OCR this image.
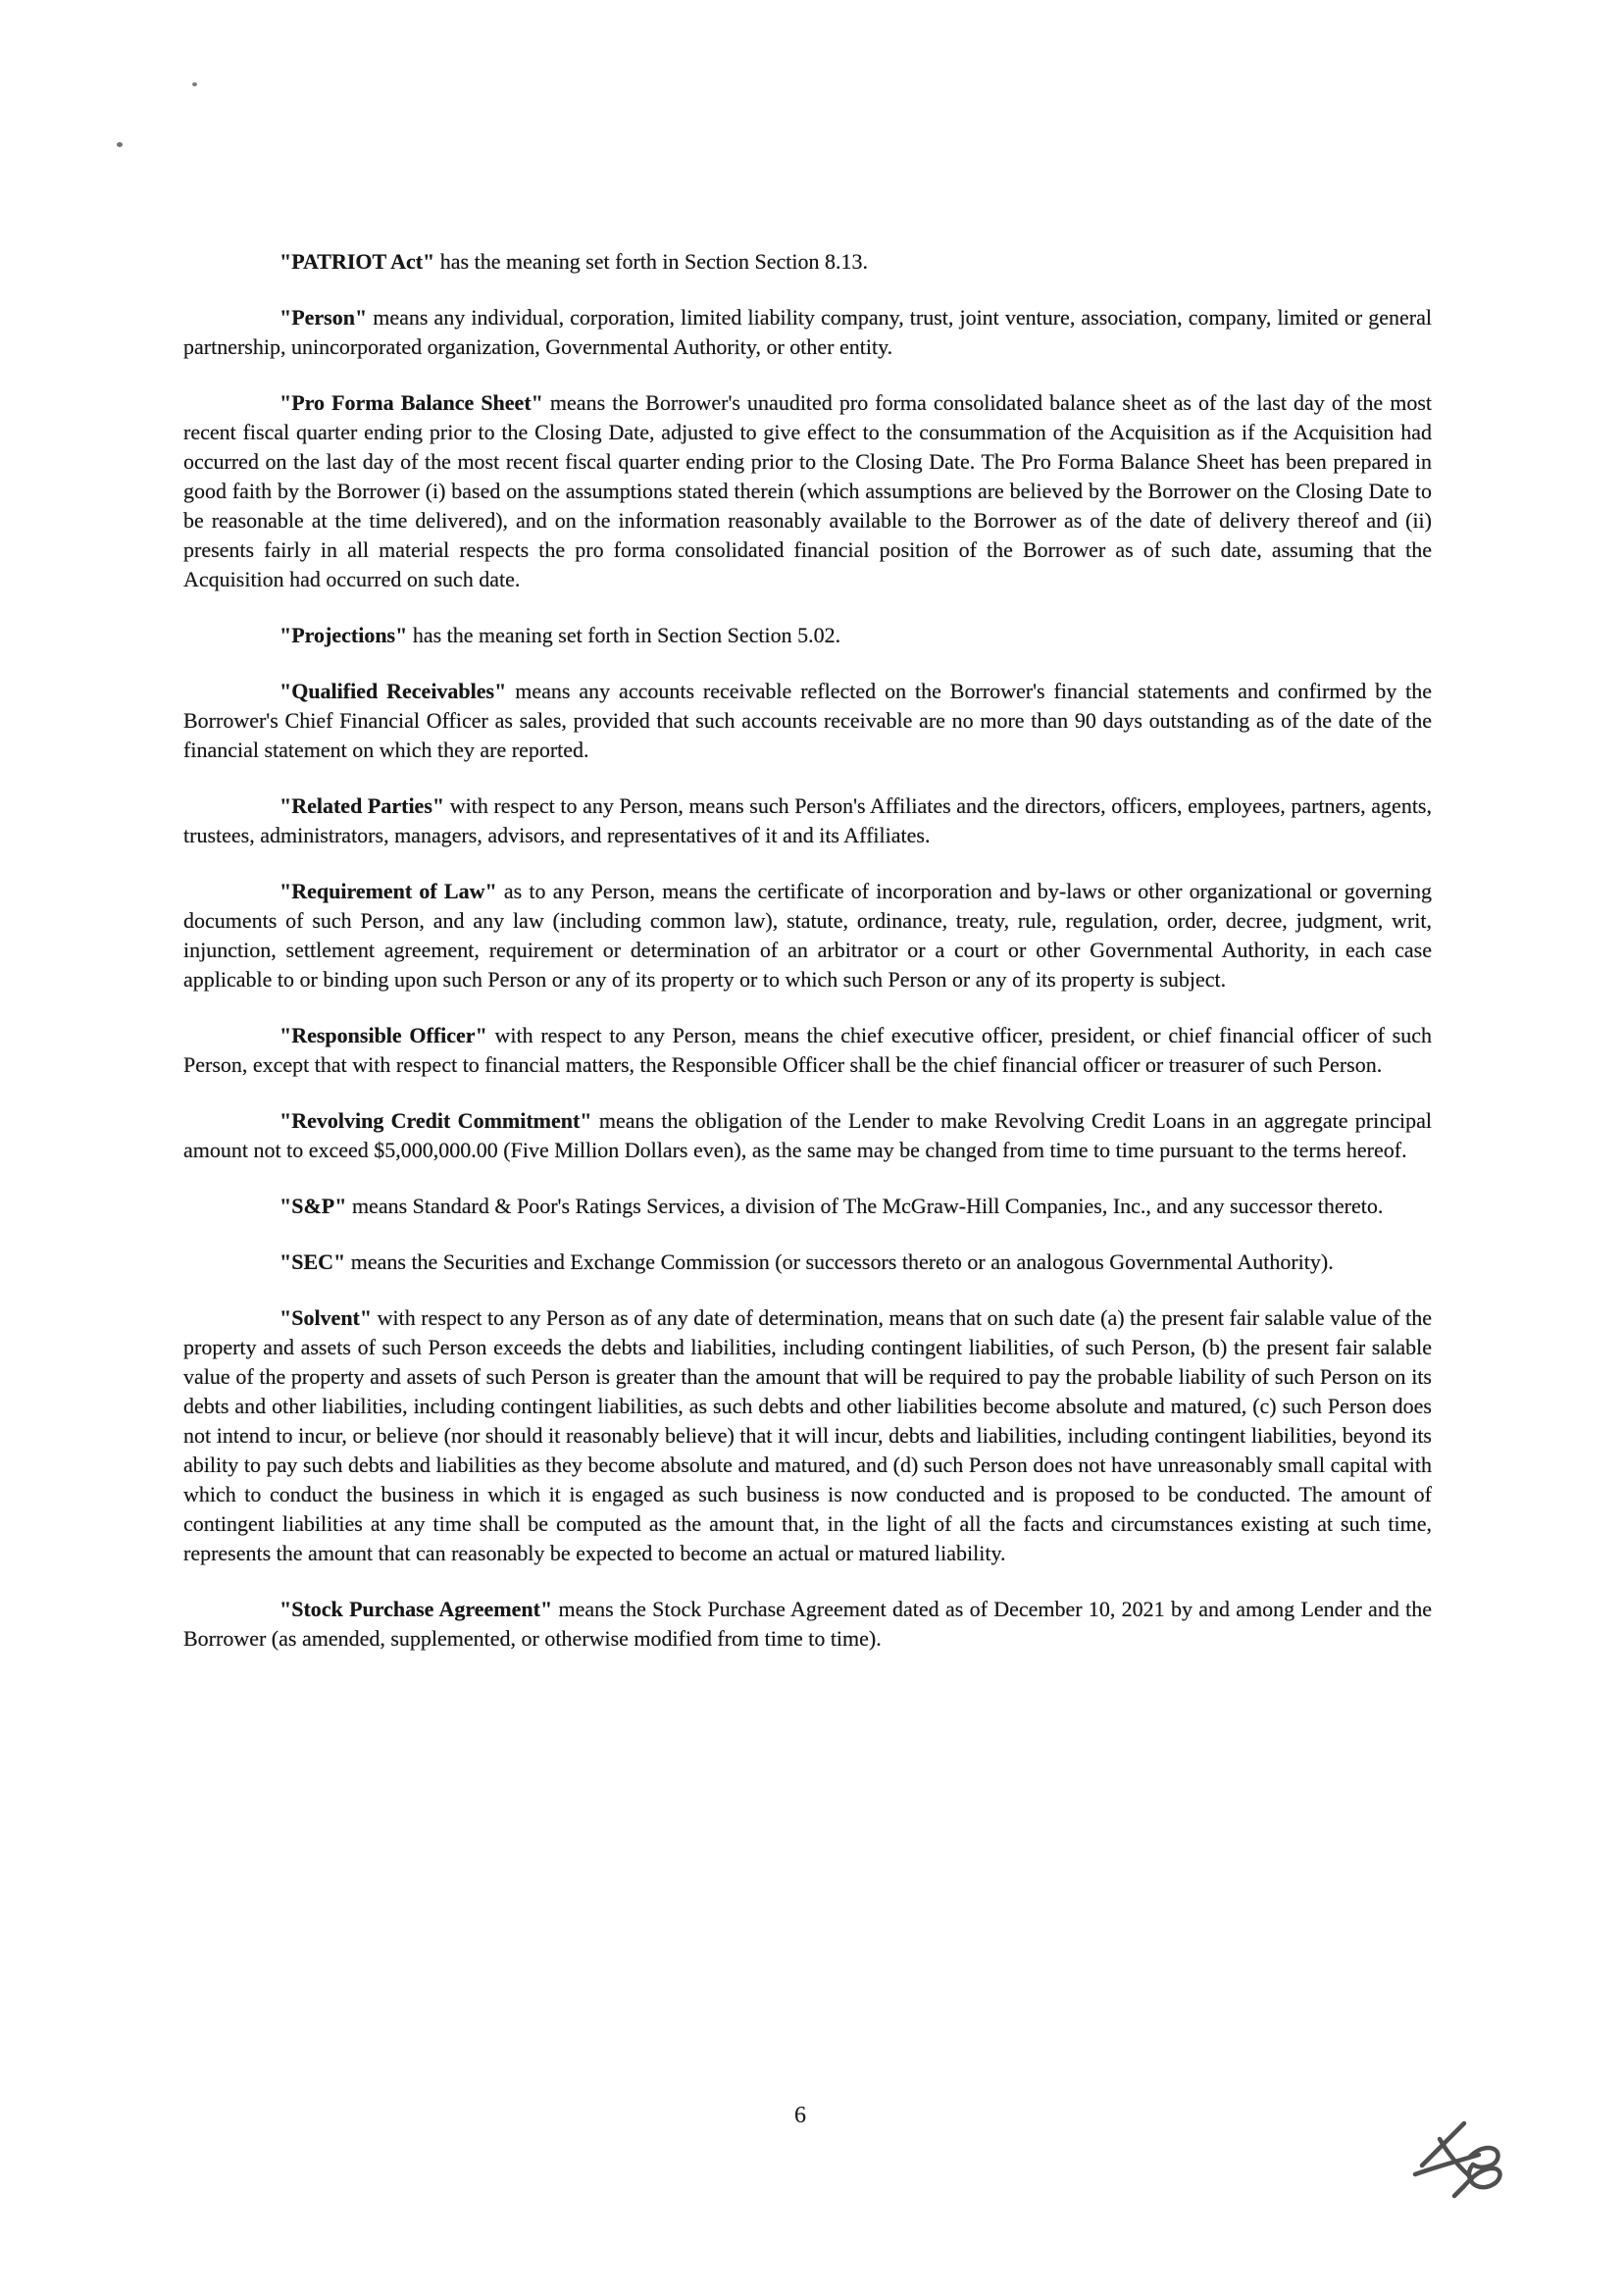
"PATRIOT Act" has the meaning set forth in Section Section 8.13.

"Person" means any individual, corporation, limited liability company, trust, joint venture, association, company, limited or general partnership, unincorporated organization, Governmental Authority, or other entity.

"Pro Forma Balance Sheet" means the Borrower's unaudited pro forma consolidated balance sheet as of the last day of the most recent fiscal quarter ending prior to the Closing Date, adjusted to give effect to the consummation of the Acquisition as if the Acquisition had occurred on the last day of the most recent fiscal quarter ending prior to the Closing Date. The Pro Forma Balance Sheet has been prepared in good faith by the Borrower (i) based on the assumptions stated therein (which assumptions are believed by the Borrower on the Closing Date to be reasonable at the time delivered), and on the information reasonably available to the Borrower as of the date of delivery thereof and (ii) presents fairly in all material respects the pro forma consolidated financial position of the Borrower as of such date, assuming that the Acquisition had occurred on such date.

"Projections" has the meaning set forth in Section Section 5.02.

"Qualified Receivables" means any accounts receivable reflected on the Borrower's financial statements and confirmed by the Borrower's Chief Financial Officer as sales, provided that such accounts receivable are no more than 90 days outstanding as of the date of the financial statement on which they are reported.

"Related Parties" with respect to any Person, means such Person's Affiliates and the directors, officers, employees, partners, agents, trustees, administrators, managers, advisors, and representatives of it and its Affiliates.

"Requirement of Law" as to any Person, means the certificate of incorporation and by-laws or other organizational or governing documents of such Person, and any law (including common law), statute, ordinance, treaty, rule, regulation, order, decree, judgment, writ, injunction, settlement agreement, requirement or determination of an arbitrator or a court or other Governmental Authority, in each case applicable to or binding upon such Person or any of its property or to which such Person or any of its property is subject.

"Responsible Officer" with respect to any Person, means the chief executive officer, president, or chief financial officer of such Person, except that with respect to financial matters, the Responsible Officer shall be the chief financial officer or treasurer of such Person.

"Revolving Credit Commitment" means the obligation of the Lender to make Revolving Credit Loans in an aggregate principal amount not to exceed $5,000,000.00 (Five Million Dollars even), as the same may be changed from time to time pursuant to the terms hereof.

"S&P" means Standard & Poor's Ratings Services, a division of The McGraw-Hill Companies, Inc., and any successor thereto.

"SEC" means the Securities and Exchange Commission (or successors thereto or an analogous Governmental Authority).

"Solvent" with respect to any Person as of any date of determination, means that on such date (a) the present fair salable value of the property and assets of such Person exceeds the debts and liabilities, including contingent liabilities, of such Person, (b) the present fair salable value of the property and assets of such Person is greater than the amount that will be required to pay the probable liability of such Person on its debts and other liabilities, including contingent liabilities, as such debts and other liabilities become absolute and matured, (c) such Person does not intend to incur, or believe (nor should it reasonably believe) that it will incur, debts and liabilities, including contingent liabilities, beyond its ability to pay such debts and liabilities as they become absolute and matured, and (d) such Person does not have unreasonably small capital with which to conduct the business in which it is engaged as such business is now conducted and is proposed to be conducted. The amount of contingent liabilities at any time shall be computed as the amount that, in the light of all the facts and circumstances existing at such time, represents the amount that can reasonably be expected to become an actual or matured liability.

"Stock Purchase Agreement" means the Stock Purchase Agreement dated as of December 10, 2021 by and among Lender and the Borrower (as amended, supplemented, or otherwise modified from time to time).

6
